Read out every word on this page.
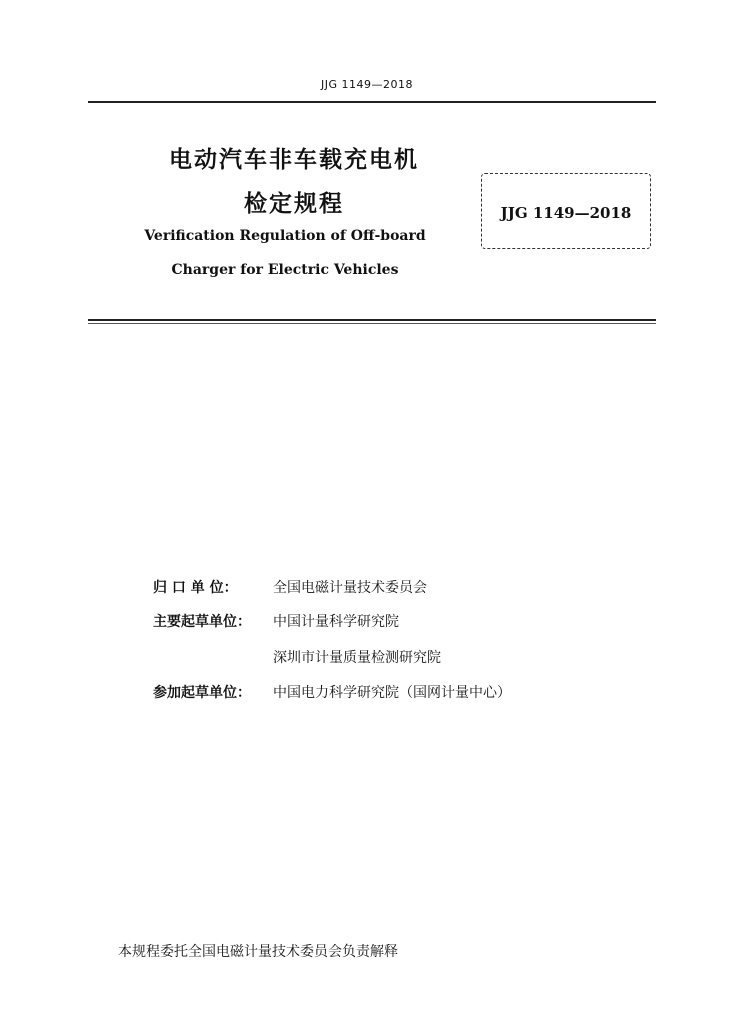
JJG 1149—2018
电动汽车非车载充电机
检定规程
Verification Regulation of Off-board
Charger for Electric Vehicles
JJG 1149—2018
归 口 单 位：	全国电磁计量技术委员会
主要起草单位：	中国计量科学研究院
深圳市计量质量检测研究院
参加起草单位：	中国电力科学研究院（国网计量中心）
本规程委托全国电磁计量技术委员会负责解释
